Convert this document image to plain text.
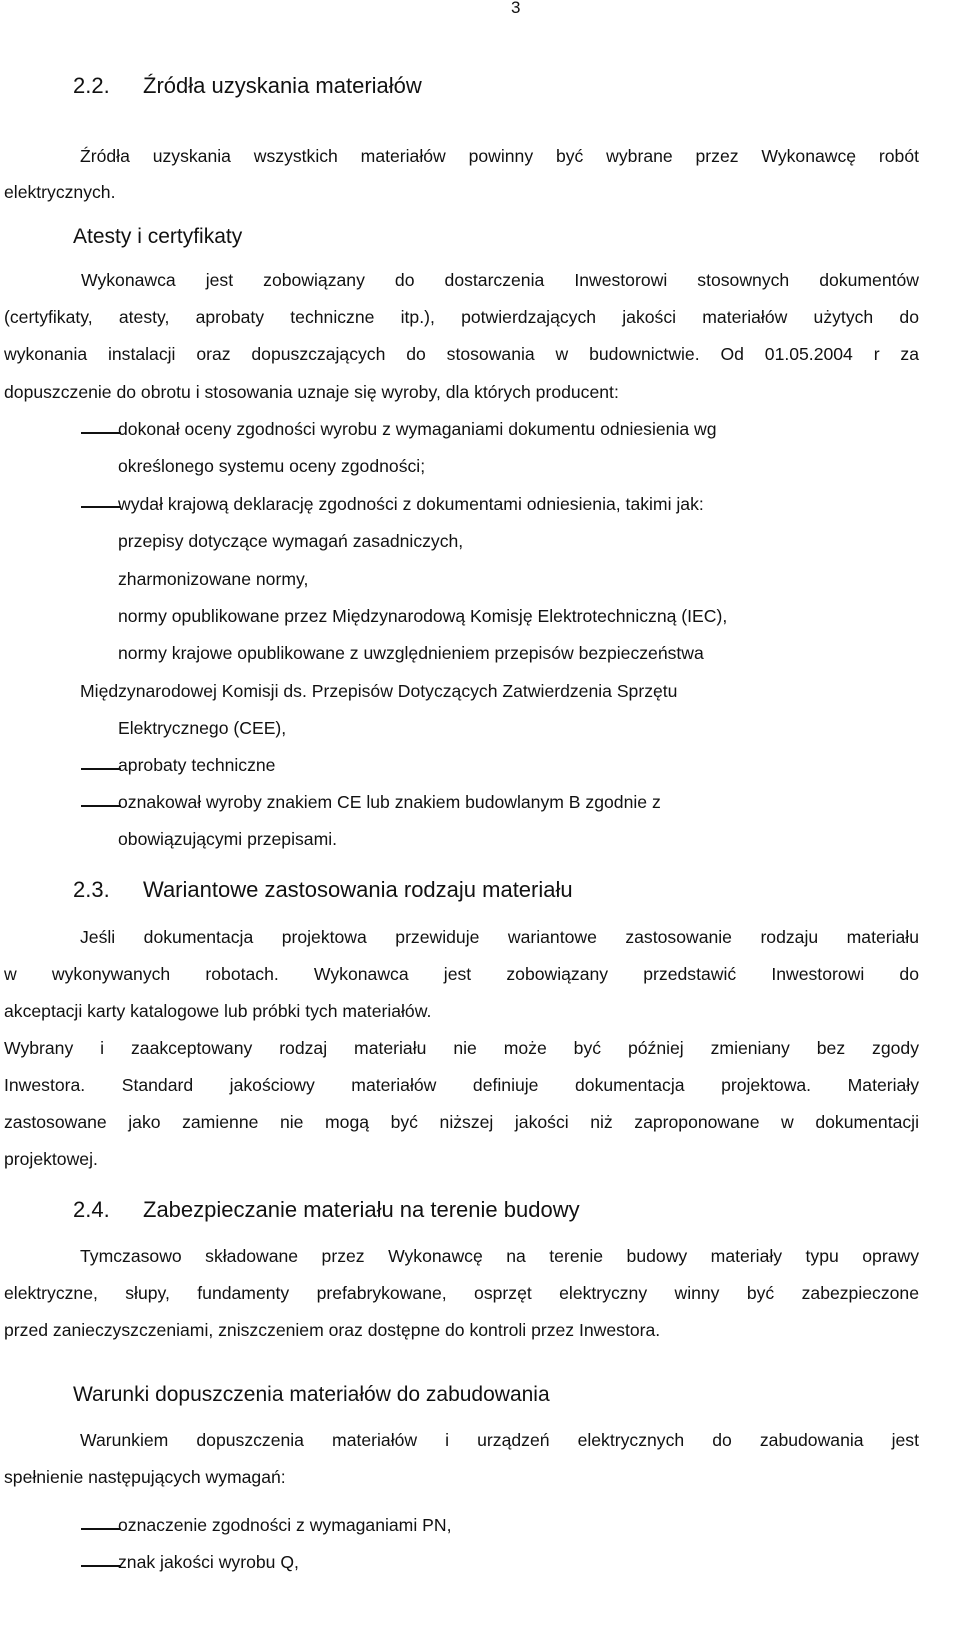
3
2.2. Źródła uzyskania materiałów
Źródła uzyskania wszystkich materiałów powinny być wybrane przez Wykonawcę robót
elektrycznych.
Atesty i certyfikaty
Wykonawca jest zobowiązany do dostarczenia Inwestorowi stosownych dokumentów
(certyfikaty, atesty, aprobaty techniczne itp.), potwierdzających jakości materiałów użytych do
wykonania instalacji oraz dopuszczających do stosowania w budownictwie. Od 01.05.2004 r za
dopuszczenie do obrotu i stosowania uznaje się wyroby, dla których producent:
dokonał oceny zgodności wyrobu z wymaganiami dokumentu odniesienia wg
określonego systemu oceny zgodności;
wydał krajową deklarację zgodności z dokumentami odniesienia, takimi jak:
przepisy dotyczące wymagań zasadniczych,
zharmonizowane normy,
normy opublikowane przez Międzynarodową Komisję Elektrotechniczną (IEC),
normy krajowe opublikowane z uwzględnieniem przepisów bezpieczeństwa
Międzynarodowej Komisji ds. Przepisów Dotyczących Zatwierdzenia Sprzętu
Elektrycznego (CEE),
aprobaty techniczne
oznakował wyroby znakiem CE lub znakiem budowlanym B zgodnie z
obowiązującymi przepisami.
2.3. Wariantowe zastosowania rodzaju materiału
Jeśli dokumentacja projektowa przewiduje wariantowe zastosowanie rodzaju materiału
w wykonywanych robotach. Wykonawca jest zobowiązany przedstawić Inwestorowi do
akceptacji karty katalogowe lub próbki tych materiałów.
Wybrany i zaakceptowany rodzaj materiału nie może być później zmieniany bez zgody
Inwestora. Standard jakościowy materiałów definiuje dokumentacja projektowa. Materiały
zastosowane jako zamienne nie mogą być niższej jakości niż zaproponowane w dokumentacji
projektowej.
2.4. Zabezpieczanie materiału na terenie budowy
Tymczasowo składowane przez Wykonawcę na terenie budowy materiały typu oprawy
elektryczne, słupy, fundamenty prefabrykowane, osprzęt elektryczny winny być zabezpieczone
przed zanieczyszczeniami, zniszczeniem oraz dostępne do kontroli przez Inwestora.
Warunki dopuszczenia materiałów do zabudowania
Warunkiem dopuszczenia materiałów i urządzeń elektrycznych do zabudowania jest
spełnienie następujących wymagań:
oznaczenie zgodności z wymaganiami PN,
znak jakości wyrobu Q,
